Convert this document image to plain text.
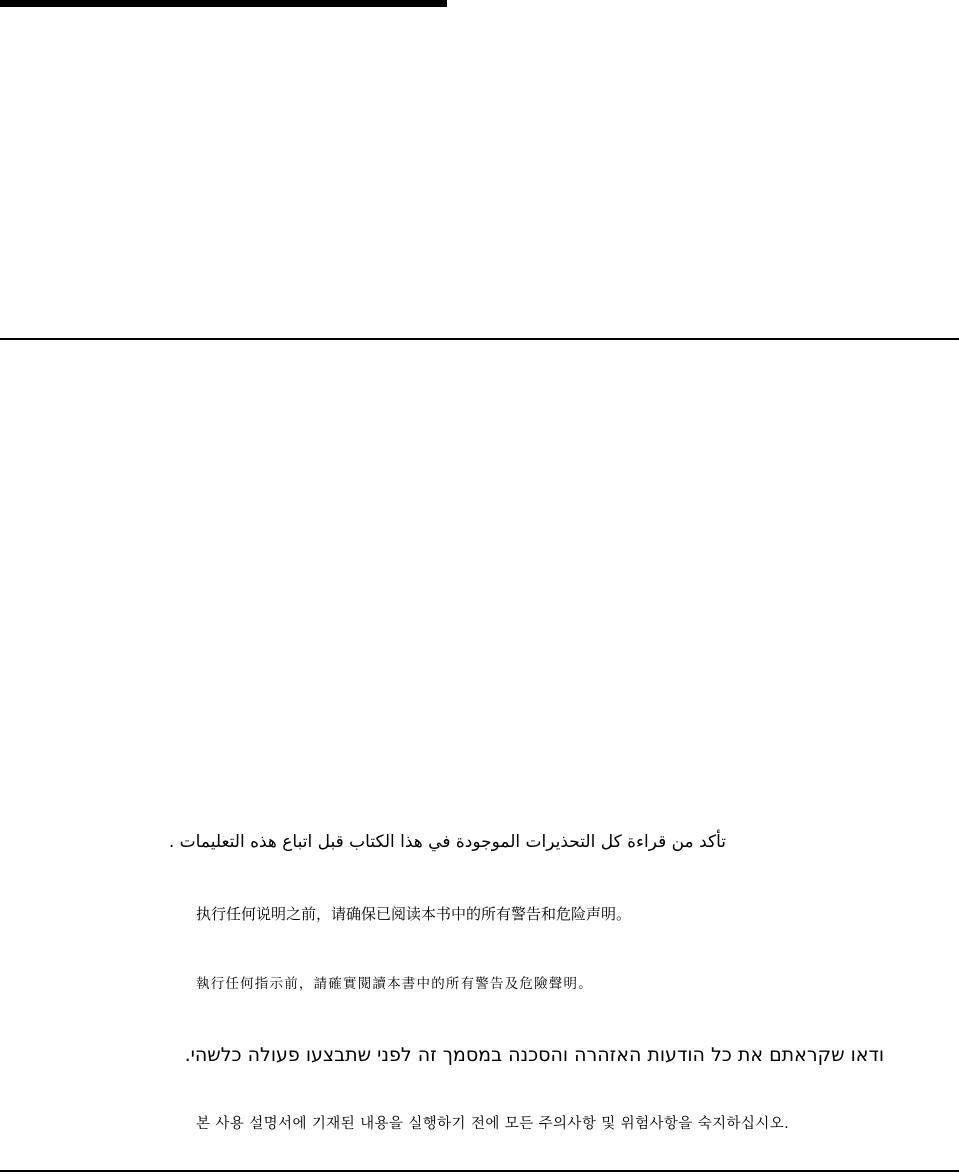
تأكد من قراءة كل التحذيرات الموجودة في هذا الكتاب قبل اتباع هذه التعليمات .
执行任何说明之前，请确保已阅读本书中的所有警告和危险声明。
執行任何指示前，請確實閱讀本書中的所有警告及危險聲明。
ודאו שקראתם את כל הודעות האזהרה והסכנה במסמך זה לפני שתבצעו פעולה כלשהי.
본 사용 설명서에 기재된 내용을 실행하기 전에 모든 주의사항 및 위험사항을 숙지하십시오.
